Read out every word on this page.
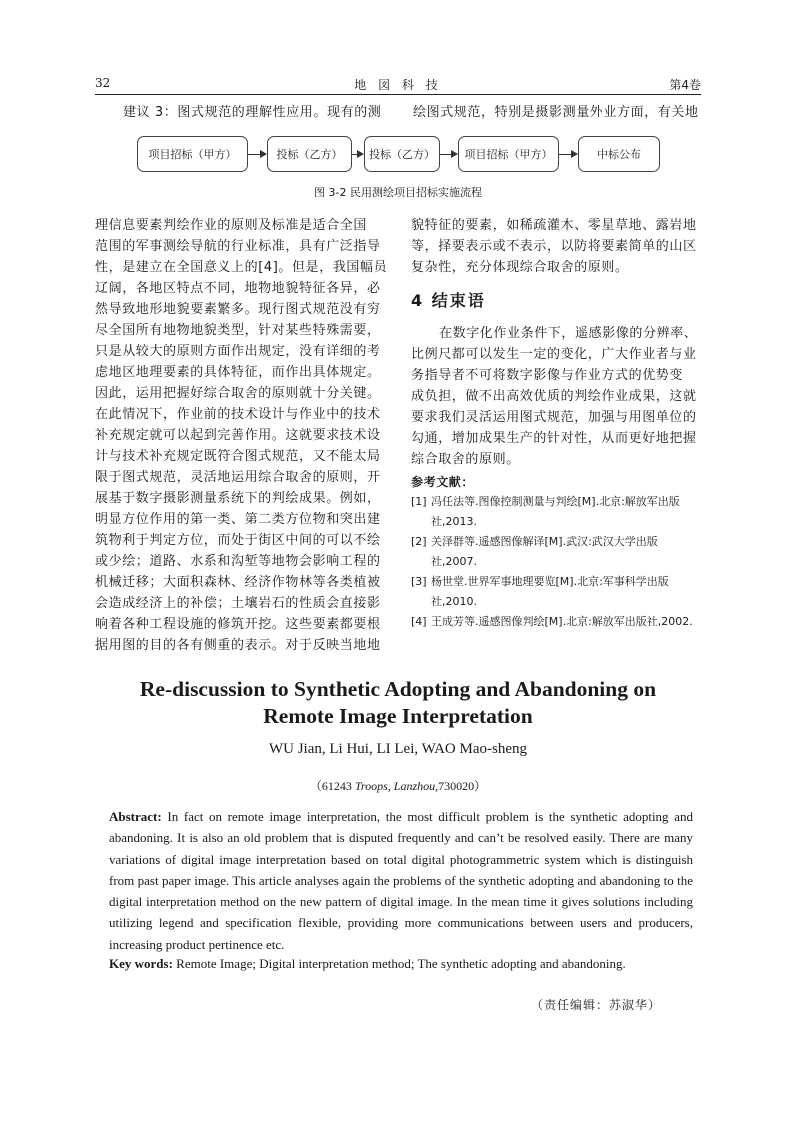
32	地 図 科 技	第4卷
建议 3：图式规范的理解性应用。现有的测 绘图式规范，特别是摄影测量外业方面，有关地
项目招标（甲方）	投标（乙方）	投标（乙方）	项目招标（甲方）	中标公布
图 3-2 民用测绘项目招标实施流程
理信息要素判绘作业的原则及标准是适合全国
范围的军事测绘导航的行业标准，具有广泛指导
性，是建立在全国意义上的[4]。但是，我国幅员
辽阔，各地区特点不同，地物地貌特征各异，必
然导致地形地貌要素繁多。现行图式规范没有穷
尽全国所有地物地貌类型，针对某些特殊需要，
只是从较大的原则方面作出规定，没有详细的考
虑地区地理要素的具体特征，而作出具体规定。
因此，运用把握好综合取舍的原则就十分关键。
在此情况下，作业前的技术设计与作业中的技术
补充规定就可以起到完善作用。这就要求技术设
计与技术补充规定既符合图式规范，又不能太局
限于图式规范，灵活地运用综合取舍的原则，开
展基于数字摄影测量系统下的判绘成果。例如，
明显方位作用的第一类、第二类方位物和突出建
筑物利于判定方位，而处于街区中间的可以不绘
或少绘；道路、水系和沟堑等地物会影响工程的
机械迁移；大面积森林、经济作物林等各类植被
会造成经济上的补偿；土壤岩石的性质会直接影
响着各种工程设施的修筑开挖。这些要素都要根
据用图的目的各有侧重的表示。对于反映当地地
貌特征的要素，如稀疏灌木、零星草地、露岩地
等，择要表示或不表示，以防将要素简单的山区
复杂性，充分体现综合取舍的原则。
4 结束语
在数字化作业条件下，遥感影像的分辨率、
比例尺都可以发生一定的变化，广大作业者与业
务指导者不可将数字影像与作业方式的优势变
成负担，做不出高效优质的判绘作业成果，这就
要求我们灵活运用图式规范，加强与用图单位的
勾通，增加成果生产的针对性，从而更好地把握
综合取舍的原则。
参考文献：
[1] 冯任法等.图像控制测量与判绘[M].北京:解放军出版社,2013.
[2] 关泽群等.遥感图像解译[M].武汉:武汉大学出版社,2007.
[3] 杨世堂.世界军事地理要览[M].北京:军事科学出版社,2010.
[4] 王成芳等.遥感图像判绘[M].北京:解放军出版社,2002.
Re-discussion to Synthetic Adopting and Abandoning on
Remote Image Interpretation
WU Jian, Li Hui, LI Lei, WAO Mao-sheng
（61243 Troops, Lanzhou,730020）
Abstract: In fact on remote image interpretation, the most difficult problem is the synthetic adopting and abandoning. It is also an old problem that is disputed frequently and can’t be resolved easily. There are many variations of digital image interpretation based on total digital photogrammetric system which is distinguish from past paper image. This article analyses again the problems of the synthetic adopting and abandoning to the digital interpretation method on the new pattern of digital image. In the mean time it gives solutions including utilizing legend and specification flexible, providing more communications between users and producers, increasing product pertinence etc.
Key words: Remote Image; Digital interpretation method; The synthetic adopting and abandoning.
（责任编辑：苏淑华）
